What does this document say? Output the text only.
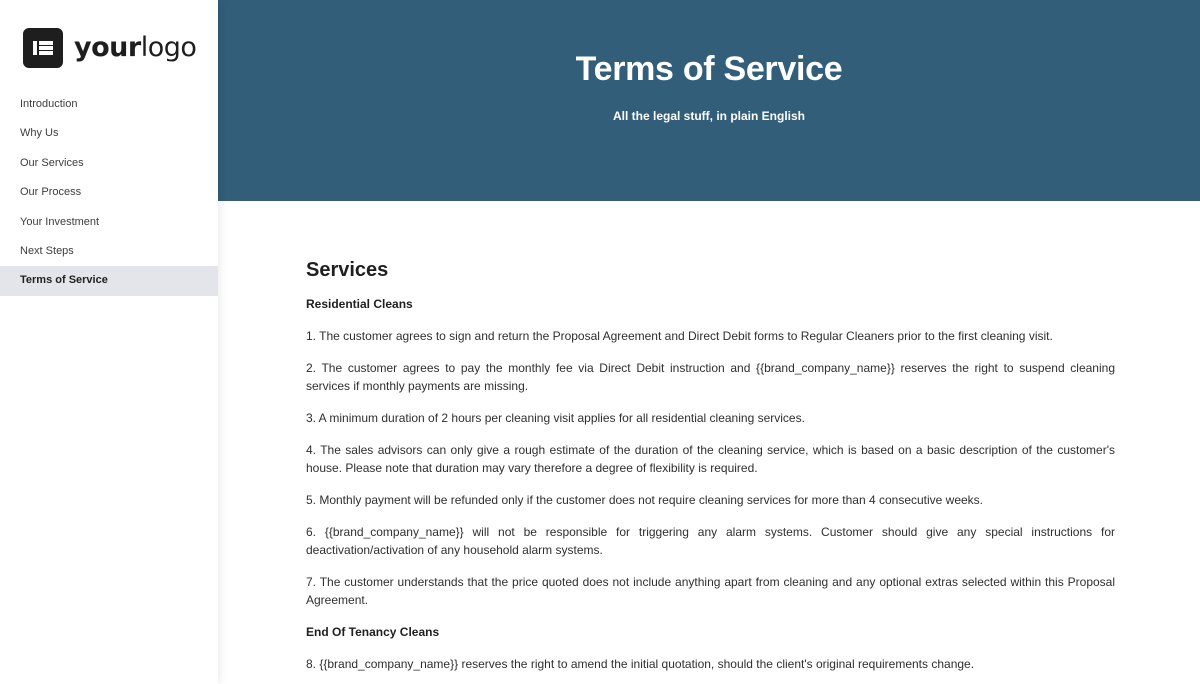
yourlogo
Introduction
Why Us
Our Services
Our Process
Your Investment
Next Steps
Terms of Service
Terms of Service

All the legal stuff, in plain English

Services
Residential Cleans

1. The customer agrees to sign and return the Proposal Agreement and Direct Debit forms to Regular Cleaners prior to the first cleaning visit.

2. The customer agrees to pay the monthly fee via Direct Debit instruction and {{brand_company_name}} reserves the right to suspend cleaning services if monthly payments are missing.

3. A minimum duration of 2 hours per cleaning visit applies for all residential cleaning services.

4. The sales advisors can only give a rough estimate of the duration of the cleaning service, which is based on a basic description of the customer's house. Please note that duration may vary therefore a degree of flexibility is required.

5. Monthly payment will be refunded only if the customer does not require cleaning services for more than 4 consecutive weeks.

6. {{brand_company_name}} will not be responsible for triggering any alarm systems. Customer should give any special instructions for deactivation/activation of any household alarm systems.

7. The customer understands that the price quoted does not include anything apart from cleaning and any optional extras selected within this Proposal Agreement.

End Of Tenancy Cleans

8. {{brand_company_name}} reserves the right to amend the initial quotation, should the client's original requirements change.
